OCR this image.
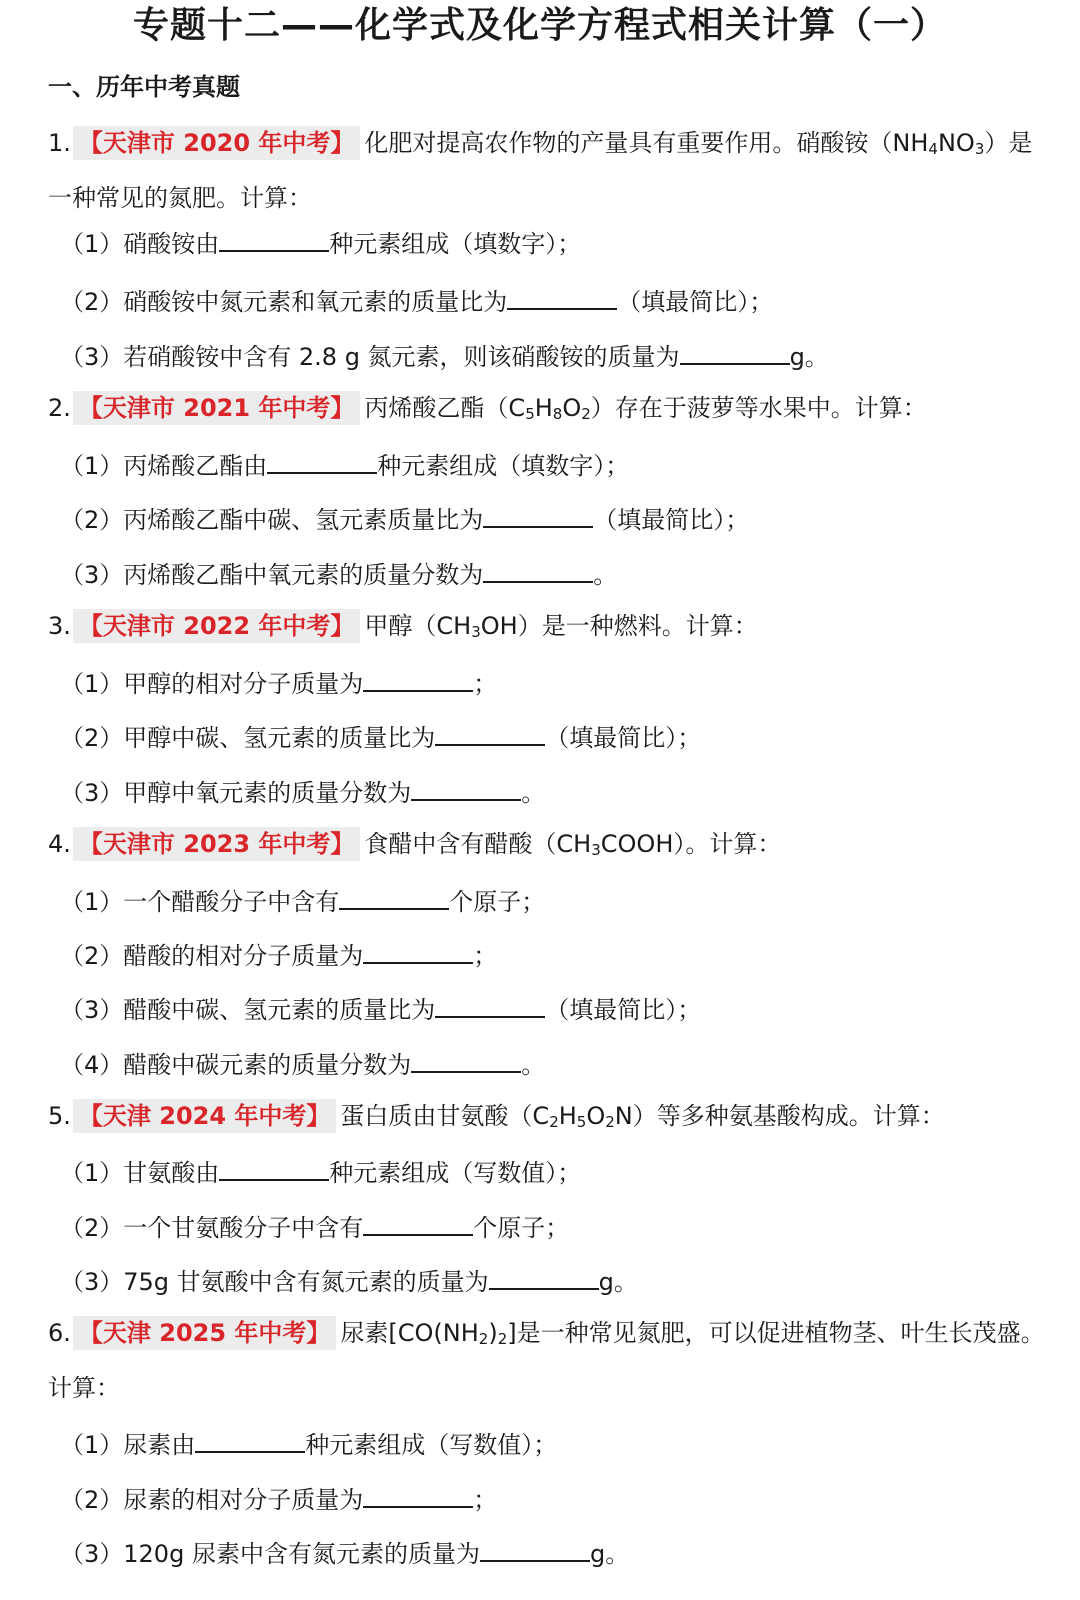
专题十二——化学式及化学方程式相关计算（一）
一、历年中考真题
1. 【天津市 2020 年中考】 化肥对提高农作物的产量具有重要作用。硝酸铵$(NH_4NO_3)$是
一种常见的氮肥。计算：
（1）硝酸铵由	种元素组成（填数字）；
（2）硝酸铵中氮元素和氧元素的质量比为	（填最简比）；
（3）若硝酸铵中含有 2.8 g 氮元素，则该硝酸铵的质量为	g。
2. 【天津市 2021 年中考】 丙烯酸乙酯$(C_5H_8O_2)$存在于菠萝等水果中。计算：
（1）丙烯酸乙酯由	种元素组成（填数字）；
（2）丙烯酸乙酯中碳、氢元素质量比为	（填最简比）；
（3）丙烯酸乙酯中氧元素的质量分数为	。
3. 【天津市 2022 年中考】 甲醇$(CH_3OH)$是一种燃料。计算：
（1）甲醇的相对分子质量为	；
（2）甲醇中碳、氢元素的质量比为	（填最简比）；
（3）甲醇中氧元素的质量分数为	。
4. 【天津市 2023 年中考】 食醋中含有醋酸$(CH_3COOH)$。计算：
（1）一个醋酸分子中含有	个原子；
（2）醋酸的相对分子质量为	；
（3）醋酸中碳、氢元素的质量比为	（填最简比）；
（4）醋酸中碳元素的质量分数为	。
5. 【天津 2024 年中考】 蛋白质由甘氨酸$(C_2H_5O_2N)$等多种氨基酸构成。计算：
（1）甘氨酸由	种元素组成（写数值）；
（2）一个甘氨酸分子中含有	个原子；
（3）75g 甘氨酸中含有氮元素的质量为	g。
6. 【天津 2025 年中考】 尿素$[CO(NH_2)_2]$是一种常见氮肥，可以促进植物茎、叶生长茂盛。
计算：
（1）尿素由	种元素组成（写数值）；
（2）尿素的相对分子质量为	；
（3）120g 尿素中含有氮元素的质量为	g。
